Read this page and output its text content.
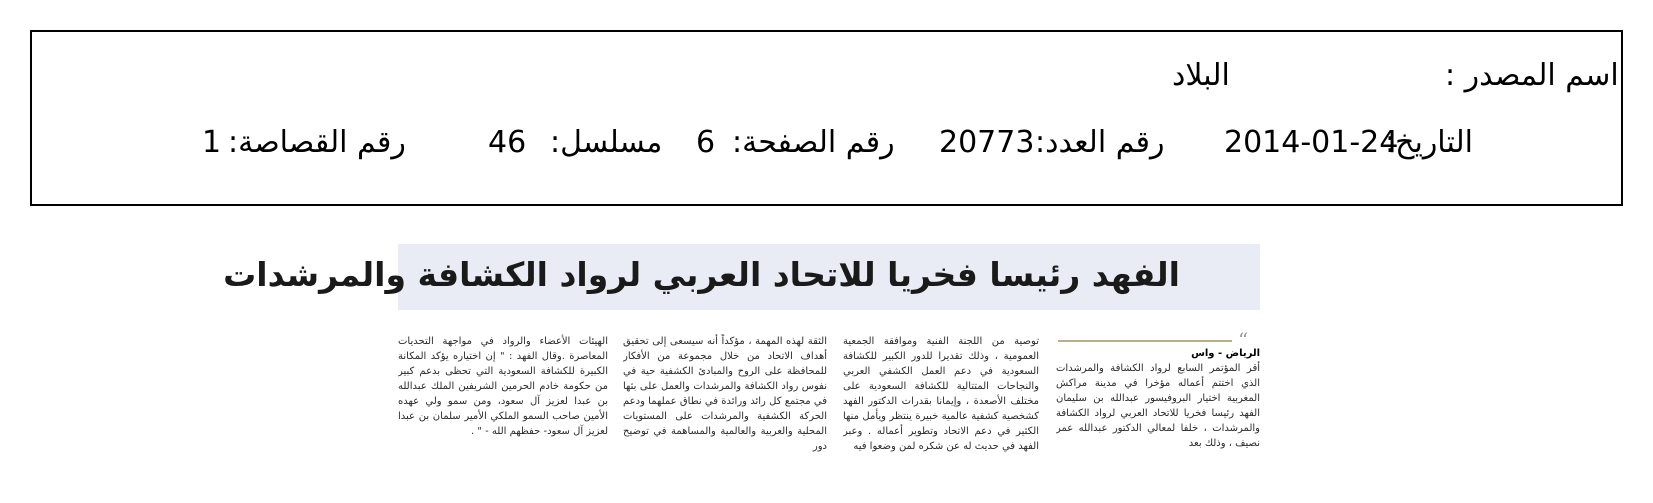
اسم المصدر :
البلاد
التاريخ:
2014-01-24
رقم العدد:
20773
رقم الصفحة:
6
مسلسل:
46
رقم القصاصة:
1
الفهد رئيسا فخريا للاتحاد العربي لرواد الكشافة والمرشدات
“
الرياض - واس
أقر المؤتمر السابع لرواد الكشافة والمرشدات الذي اختتم أعماله مؤخرا في مدينة مراكش المغربية اختيار البروفيسور عبدالله بن سليمان الفهد رئيسا فخريا للاتحاد العربي لرواد الكشافة والمرشدات ، خلفا لمعالي الدكتور عبدالله عمر نصيف ، وذلك بعد
توصية من اللجنة الفنية وموافقة الجمعية العمومية ، وذلك تقديرا للدور الكبير للكشافة السعودية في دعم العمل الكشفي العربي والنجاحات المتتالية للكشافة السعودية على مختلف الأصعدة ، وإيمانا بقدرات الدكتور الفهد كشخصية كشفية عالمية خبيرة ينتظر ويأمل منها الكثير في دعم الاتحاد وتطوير أعماله . وعبر الفهد في حديث له عن شكره لمن وضعوا فيه
الثقة لهذه المهمة ، مؤكداً أنه سيسعى إلى تحقيق أهداف الاتحاد من خلال مجموعة من الأفكار للمحافظة على الروح والمبادئ الكشفية حية في نفوس رواد الكشافة والمرشدات والعمل على بثها في مجتمع كل رائد ورائدة في نطاق عملهما ودعم الحركة الكشفية والمرشدات على المستويات المحلية والعربية والعالمية والمساهمة في توضيح دور
الهيئات الأعضاء والرواد في مواجهة التحديات المعاصرة .وقال الفهد : " إن اختياره يؤكد المكانة الكبيرة للكشافة السعودية التي تحظى بدعم كبير من حكومة خادم الحرمين الشريفين الملك عبدالله بن عبدا لعزيز آل سعود، ومن سمو ولي عهده الأمين صاحب السمو الملكي الأمير سلمان بن عبدا لعزيز آل سعود- حفظهم الله - " .
